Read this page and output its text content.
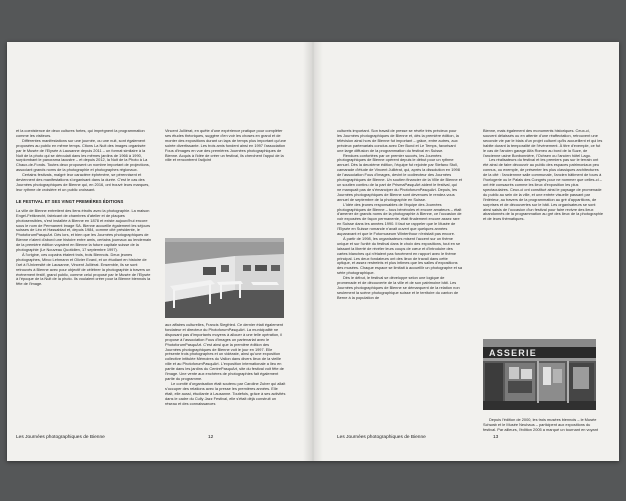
et la coexistence de deux cultures fortes, qui imprègnent la programmation comme les visiteurs.

Différentes manifestations sur une journée, ou une nuit, sont également proposées au public en même temps. Citons La Nuit des images organisée par le Musée de l'Elysée à Lausanne depuis 2011 – un format similaire à la Nuit de la photo qui se déroulait dans les mêmes jardins de 1966 à 1990, surplombant le panorama lacustre – et depuis 2012, la Nuit de la Photo à La Chaux-de-Fonds. Toutes deux proposent un nombre important de projections, associant grands noms de la photographie et photographes régionaux.

Certains festivals, malgré leur caractère éphémère, se pérennisent et deviennent des manifestations s'organisant dans la durée. C'est le cas des Journées photographiques de Bienne qui, en 2016, ont trouvé leurs marques, leur rythme de croisière et un public croissant.

LE FESTIVAL ET SES VINGT PREMIÈRES ÉDITIONS

La ville de Bienne entretient des liens étroits avec la photographie. La maison Engel-Feitknecht, fabricant de chambres d'atelier et de plaques photosensibles, s'est installée à Bienne en 1878 et existe aujourd'hui encore sous le nom de Permanent Image SA. Bienne accueille également les séjours suisses de Léo et Hassablad et, depuis 1984, comme cité présidente, le PhotoforumPasquArt. Dès lors, et bien que les Journées photographiques de Bienne n'aient d'abord une histoire entre amis, certains journaux au lendemain de la première édition voyaient en Bienne la future capitale suisse de la photographie (Le Nouveau Quotidien, 17 septembre 1997).

À l'origine, ces copains étaient trois, trois Biennois. Deux jeunes photographes, Mirco Lehmann et Olivier Evard, et un étudiant en histoire de l'art à l'Université de Lausanne, Vincent Julliérat. Ensemble, ils se sont retrouvés à Bienne avec pour objectif de célébrer la photographie à travers un événement festif, grand public, comme celui proposé par le Musée de l'Elysée à l'époque de la Nuit de la photo. Ils voulaient créer pour la Bienne biennois la fête de l'image.

Vincent Julliérat, en quête d'une expérience pratique pour compléter ses études théoriques, suggère d'en voir les choses en grand et de monter des expositions durant un laps de temps plus important qu'une soirée divertissante. Les trois amis fondent ainsi en 1997 l'association Fous d'images en vue des premières Journées photographiques de Bienne. Acquis à l'idée de créer un festival, ils cherchent l'appui de la ville et rencontrent l'adjoint

aux affaires culturelles, Francis Siegfried. Ce dernier était également fondateur et directeur du PhotoforumPasquArt. La municipalité ne disposant pas d'importants moyens à allouer à une telle opération, il propose à l'association Fous d'images un partenariat avec le PhotoforumPasquArt. C'est ainsi que la première édition des Journées photographiques de Bienne voit le jour en 1997. Elle présente trois photographes et un vidéaste, ainsi qu'une exposition collective intitulée Mémoires du Vallon dans divers lieux de la vieille ville et au PhotoforumPasquArt. L'exposition internationale a lieu en partie dans les jardins du CentrePasquArt, site du festival voit fête de l'image. Une vente aux enchères de photographies fait également partie du programme.

Le comité d'organisation était soutenu par Caroline Zuber qui allait s'occuper des relations avec la presse les premières années. Elle était, elle aussi, étudiante à Lausanne. Toutefois, grâce à ses activités dans le cadre du Cully Jazz Festival, elle s'était déjà construit un réseau et des connaissances

Les Journées photographiques de Bienne	12

culturels important. Son travail de presse se révèle très précieux pour les Journées photographiques de Bienne et, dès la première édition, la télévision ainsi hors de Bienne fut important – grâce, entre autres, aux précieux partenariats conclus avec Der Bund et Le Temps, favorisant une large diffusion de la programmation du festival en Suisse.

Rendues confortées par ce premier succès, les Journées photographiques de Bienne opèrent depuis le début pour un rythme annuel. Dès la deuxième édition, l'équipe fut rejointe par Stefano Stoll, camarade d'étude de Vincent Julliérat, qui, après la dissolution en 1998 de l'association Fous d'images, devint le codirecteur des Journées photographiques de Bienne. Un soutien financier de la Ville de Bienne et un soutien continu de la part de PrismaPasquArt aident le festival, qui ne manquait pas de s'émanciper du PhotoforumPasquArt. Depuis, les Journées photographiques de Bienne sont devenues le rendez-vous annuel de septembre de la photographie en Suisse.

L'idée des jeunes responsables de l'équipe des Journées photographiques de Bienne – tous bénévoles et encore amateurs – était d'amener de grands noms de la photographie à Bienne, ce l'occasion de voir exposées de façon permanente, était finalement encore assez rare en Suisse dans les années 1990. Il faut se rappeler que le Musée de l'Elysée en Suisse romande n'avait ouvert que quelques années auparavant et que le Fotomuseum Winterthour n'existait pas encore.

À partir de 1998, les organisateurs misent l'accent sur un thème unique et sur l'unité du festival dans le choix des expositions, tout en se laissant la liberté de révéler leurs coups de cœur et d'introduire des cartes blanches qui n'étaient pas forcément en rapport avec le thème principal. Les deux fondateurs ont des lieux de travail dans cette optique, et assez restreints et plus intimes que les salles d'expositions des musées. Chaque espace se limitait à accueillir un photographe et sa série photographique.

Dès le début, le festival se développe selon une logique de promenade et de découverte de la ville et de son patrimoine bâti. Les Journées photographiques de Bienne se démarquent de la relation non seulement la scène photographique suisse et le territoire du canton de Berne à la population de

Bienne, mais également des monuments historiques. Ceux-ci, souvent délaissés ou en attente d'une réaffectation, retrouvent une seconde vie par le biais d'un projet culturel qu'ils accueillent et qui les habite durant la temporalité de l'événement. À titre d'exemple, ce fut le cas de l'ancien garage Alfa Romeo au bord de la Suze, de l'ancienne usine Bonbonnière, l'Ochsen ou l'ancien hôtel Lago.

Les réalisateurs du festival et les premiers pas sur le terrain ont été ainsi de faire découvrir au public des espaces patrimoniaux peu connus, ou exemple, de présenter les plus classiques architectures de la cité : l'anciennne salle communale, l'ancien bâtiment de tours à l'horlogerie ou le Palais des Congrès pour ne nommer que celles-ci – ont été consacrés comme les lieux d'exposition les plus spectaculaires. Ceux-ci ont constitué ainsi le paysage de promenade du public au sein de la ville, et une entrée visuelle passant par l'intérieur, au travers de la programmation au gré d'apparitions, de surprises et de découvertes sur le bâti. Les organisateurs se sont ainsi saisis de l'occasion d'un festival pour faire revivre des lieux abandonnés de la programmation au gré des lieux de la photographie et de leurs thématiques.

ASSERIE

Depuis l'édition de 2000, les trois musées biennois – le Musée Schwab et le Musée Neuhaus – participent aux expositions du festival. Par ailleurs, l'édition 2005 a marqué un tournant en voyant

Les Journées photographiques de Bienne	13
